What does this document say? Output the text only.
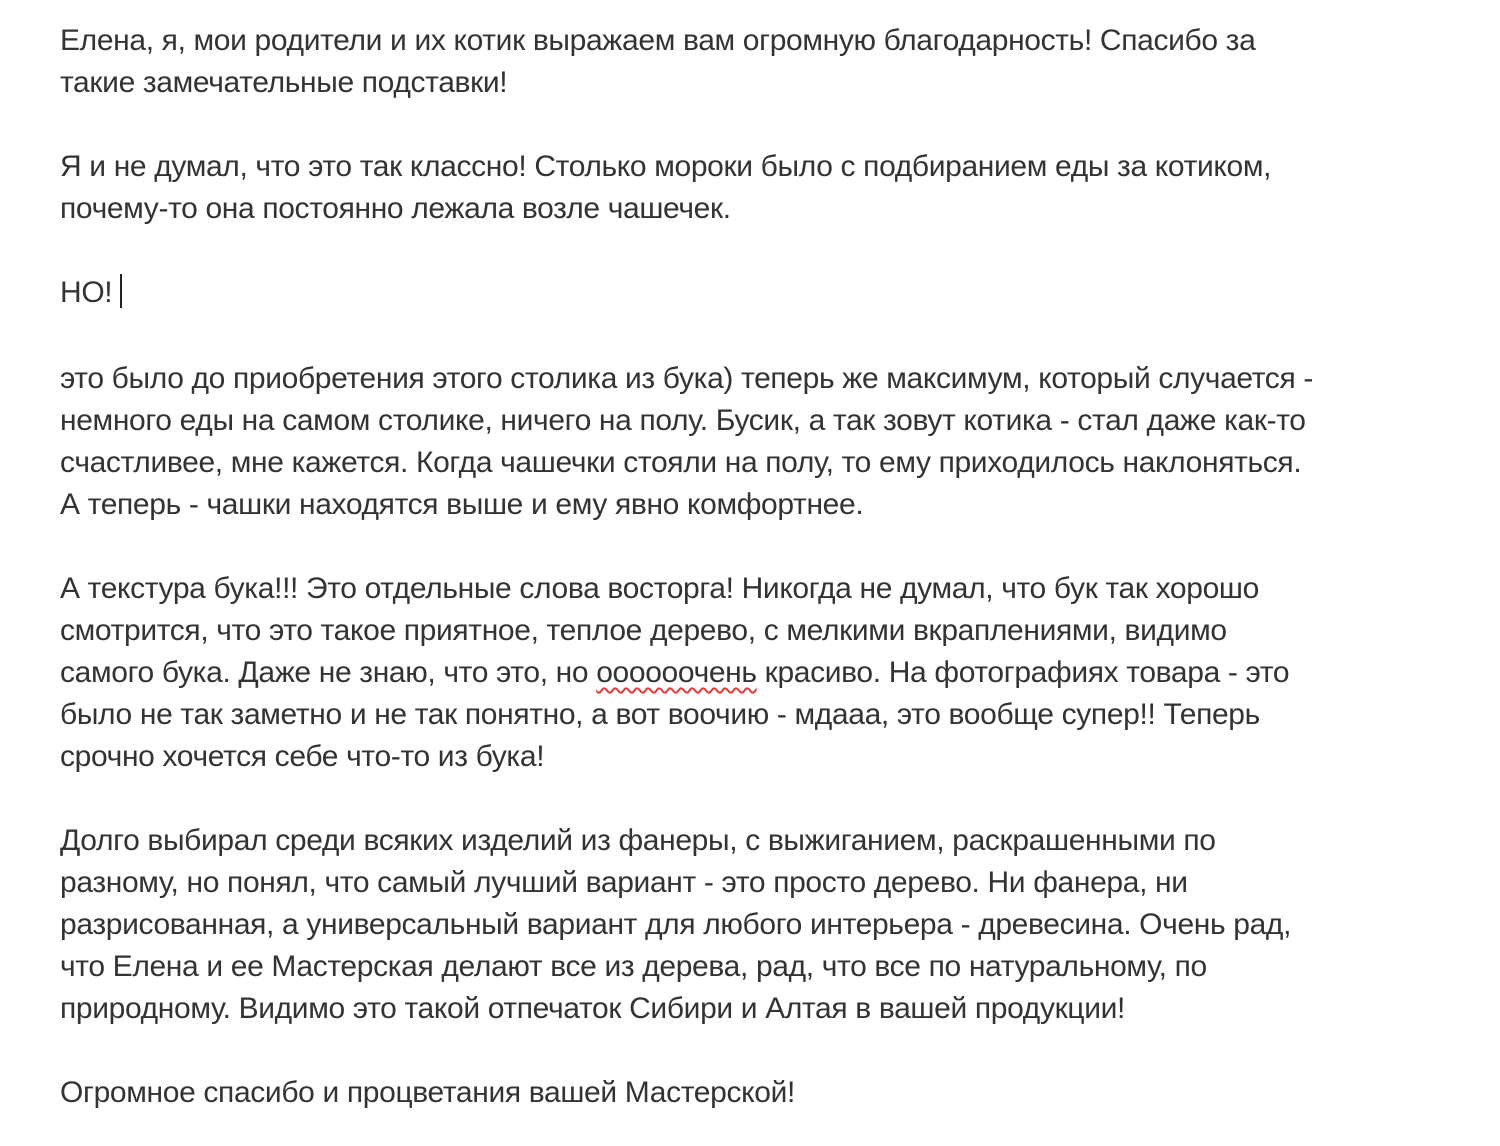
Елена, я, мои родители и их котик выражаем вам огромную благодарность! Спасибо за
такие замечательные подставки!

Я и не думал, что это так классно! Столько мороки было с подбиранием еды за котиком,
почему-то она постоянно лежала возле чашечек.

НО!

это было до приобретения этого столика из бука) теперь же максимум, который случается -
немного еды на самом столике, ничего на полу. Бусик, а так зовут котика - стал даже как-то
счастливее, мне кажется. Когда чашечки стояли на полу, то ему приходилось наклоняться.
А теперь - чашки находятся выше и ему явно комфортнее.

А текстура бука!!! Это отдельные слова восторга! Никогда не думал, что бук так хорошо
смотрится, что это такое приятное, теплое дерево, с мелкими вкраплениями, видимо
самого бука. Даже не знаю, что это, но оооооочень красиво. На фотографиях товара - это
было не так заметно и не так понятно, а вот воочию - мдааа, это вообще супер!! Теперь
срочно хочется себе что-то из бука!

Долго выбирал среди всяких изделий из фанеры, с выжиганием, раскрашенными по
разному, но понял, что самый лучший вариант - это просто дерево. Ни фанера, ни
разрисованная, а универсальный вариант для любого интерьера - древесина. Очень рад,
что Елена и ее Мастерская делают все из дерева, рад, что все по натуральному, по
природному. Видимо это такой отпечаток Сибири и Алтая в вашей продукции!

Огромное спасибо и процветания вашей Мастерской!
